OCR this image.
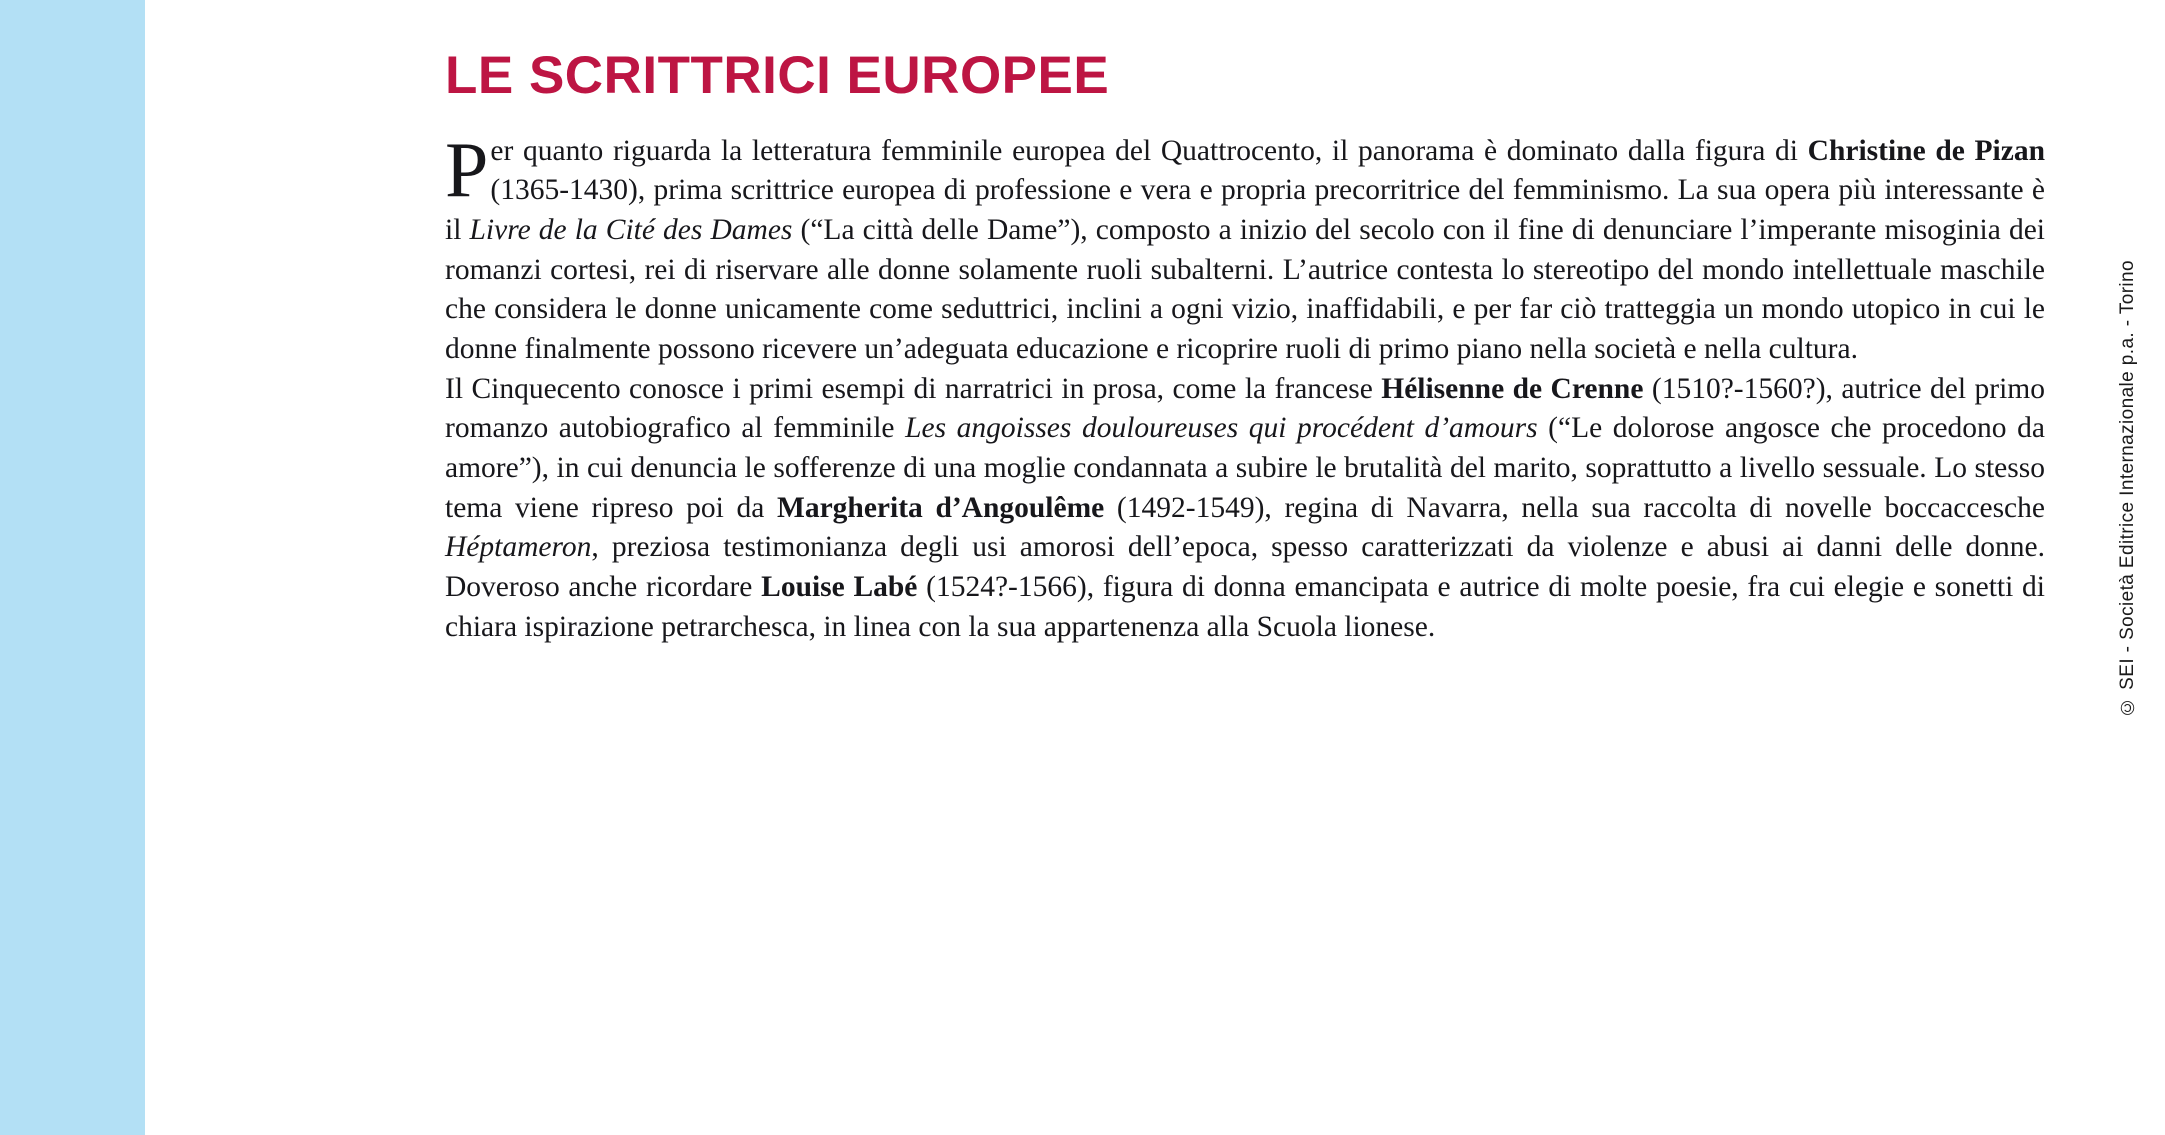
LE SCRITTRICI EUROPEE

Per quanto riguarda la letteratura femminile europea del Quattrocento, il panorama è dominato dalla figura di Christine de Pizan (1365-1430), prima scrittrice europea di professione e vera e propria precorritrice del femminismo. La sua opera più interessante è il Livre de la Cité des Dames (“La città delle Dame”), composto a inizio del secolo con il fine di denunciare l’imperante misoginia dei romanzi cortesi, rei di riservare alle donne solamente ruoli subalterni. L’autrice contesta lo stereotipo del mondo intellettuale maschile che considera le donne unicamente come seduttrici, inclini a ogni vizio, inaffidabili, e per far ciò tratteggia un mondo utopico in cui le donne finalmente possono ricevere un’adeguata educazione e ricoprire ruoli di primo piano nella società e nella cultura.

Il Cinquecento conosce i primi esempi di narratrici in prosa, come la francese Hélisenne de Crenne (1510?-1560?), autrice del primo romanzo autobiografico al femminile Les angoisses douloureuses qui procédent d’amours (“Le dolorose angosce che procedono da amore”), in cui denuncia le sofferenze di una moglie condannata a subire le brutalità del marito, soprattutto a livello sessuale. Lo stesso tema viene ripreso poi da Margherita d’Angoulême (1492-1549), regina di Navarra, nella sua raccolta di novelle boccaccesche Héptameron, preziosa testimonianza degli usi amorosi dell’epoca, spesso caratterizzati da violenze e abusi ai danni delle donne. Doveroso anche ricordare Louise Labé (1524?-1566), figura di donna emancipata e autrice di molte poesie, fra cui elegie e sonetti di chiara ispirazione petrarchesca, in linea con la sua appartenenza alla Scuola lionese.	© SEI - Società Editrice Internazionale p.a. - Torino
